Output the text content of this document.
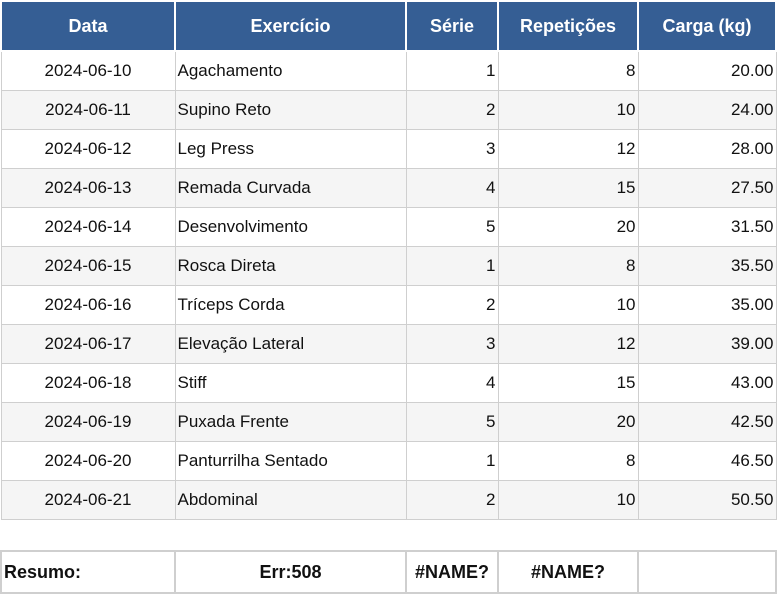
Data	Exercício	Série	Repetições	Carga (kg)
2024-06-10	Agachamento	1	8	20.00
2024-06-11	Supino Reto	2	10	24.00
2024-06-12	Leg Press	3	12	28.00
2024-06-13	Remada Curvada	4	15	27.50
2024-06-14	Desenvolvimento	5	20	31.50
2024-06-15	Rosca Direta	1	8	35.50
2024-06-16	Tríceps Corda	2	10	35.00
2024-06-17	Elevação Lateral	3	12	39.00
2024-06-18	Stiff	4	15	43.00
2024-06-19	Puxada Frente	5	20	42.50
2024-06-20	Panturrilha Sentado	1	8	46.50
2024-06-21	Abdominal	2	10	50.50

Resumo:	Err:508	#NAME?	#NAME?	
